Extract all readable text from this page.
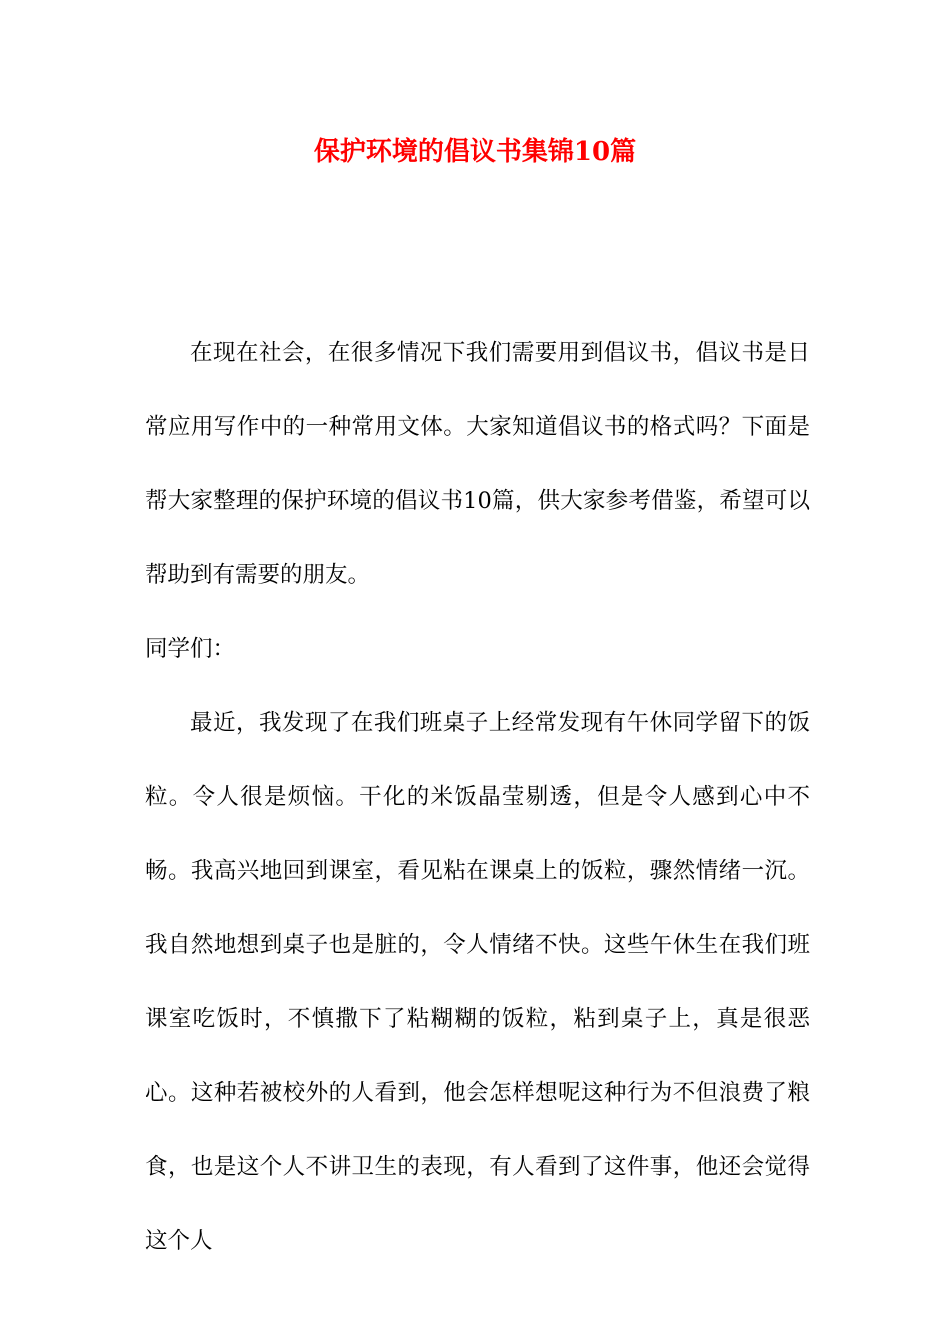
保护环境的倡议书集锦10篇

在现在社会，在很多情况下我们需要用到倡议书，倡议书是日常应用写作中的一种常用文体。大家知道倡议书的格式吗？下面是帮大家整理的保护环境的倡议书10篇，供大家参考借鉴，希望可以帮助到有需要的朋友。

同学们：

最近，我发现了在我们班桌子上经常发现有午休同学留下的饭粒。令人很是烦恼。干化的米饭晶莹剔透，但是令人感到心中不畅。我高兴地回到课室，看见粘在课桌上的饭粒，骤然情绪一沉。我自然地想到桌子也是脏的，令人情绪不快。这些午休生在我们班课室吃饭时，不慎撒下了粘糊糊的饭粒，粘到桌子上，真是很恶心。这种若被校外的人看到，他会怎样想呢这种行为不但浪费了粮食，也是这个人不讲卫生的表现，有人看到了这件事，他还会觉得这个人
